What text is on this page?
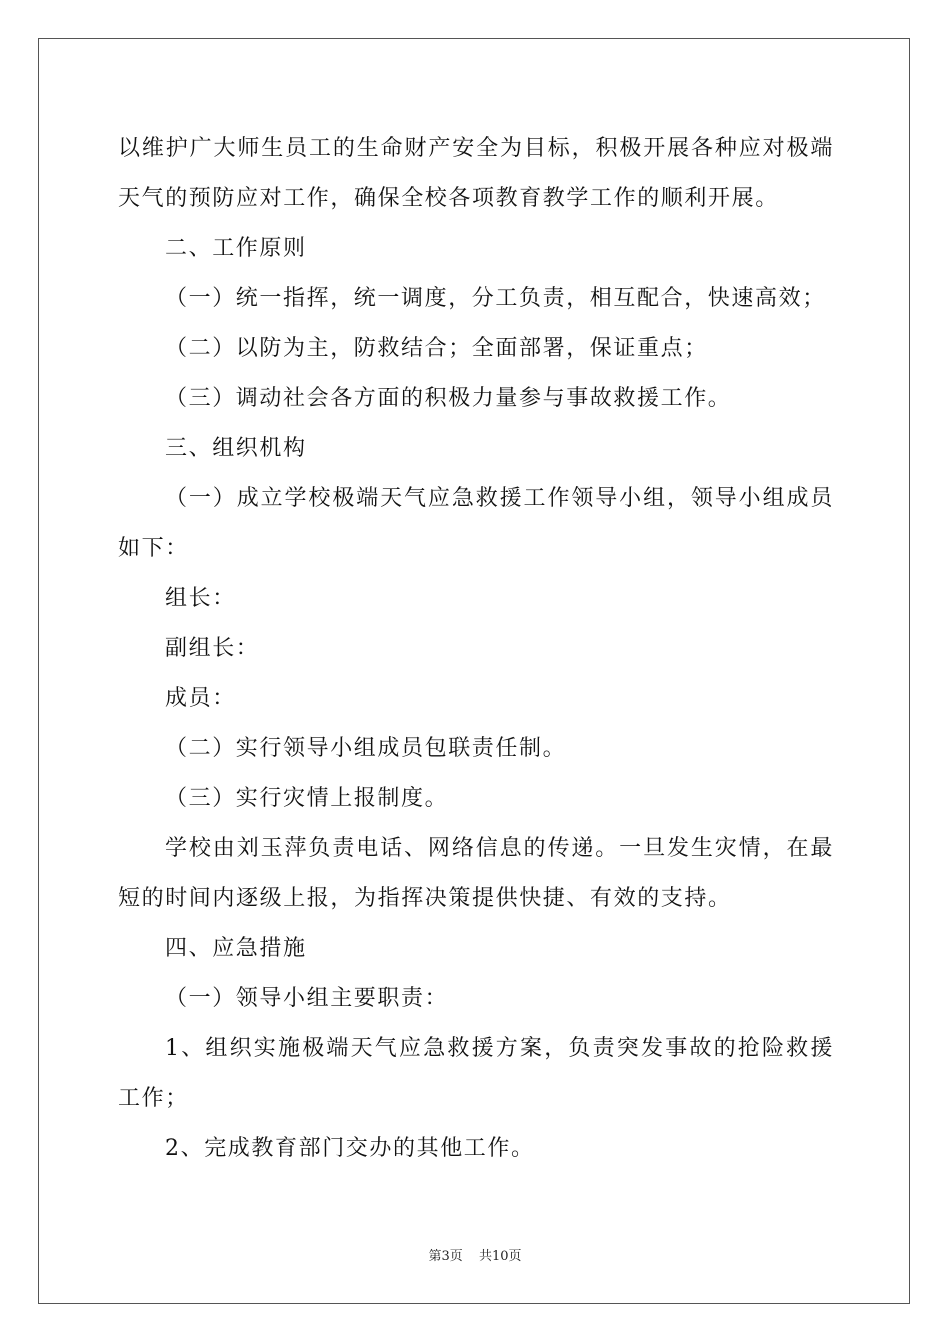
以维护广大师生员工的生命财产安全为目标，积极开展各种应对极端天气的预防应对工作，确保全校各项教育教学工作的顺利开展。

二、工作原则

（一）统一指挥，统一调度，分工负责，相互配合，快速高效；

（二）以防为主，防救结合；全面部署，保证重点；

（三）调动社会各方面的积极力量参与事故救援工作。

三、组织机构

（一）成立学校极端天气应急救援工作领导小组，领导小组成员如下：

组长：

副组长：

成员：

（二）实行领导小组成员包联责任制。

（三）实行灾情上报制度。

学校由刘玉萍负责电话、网络信息的传递。一旦发生灾情，在最短的时间内逐级上报，为指挥决策提供快捷、有效的支持。

四、应急措施

（一）领导小组主要职责：

1、组织实施极端天气应急救援方案，负责突发事故的抢险救援工作；

2、完成教育部门交办的其他工作。

第3页 共10页
